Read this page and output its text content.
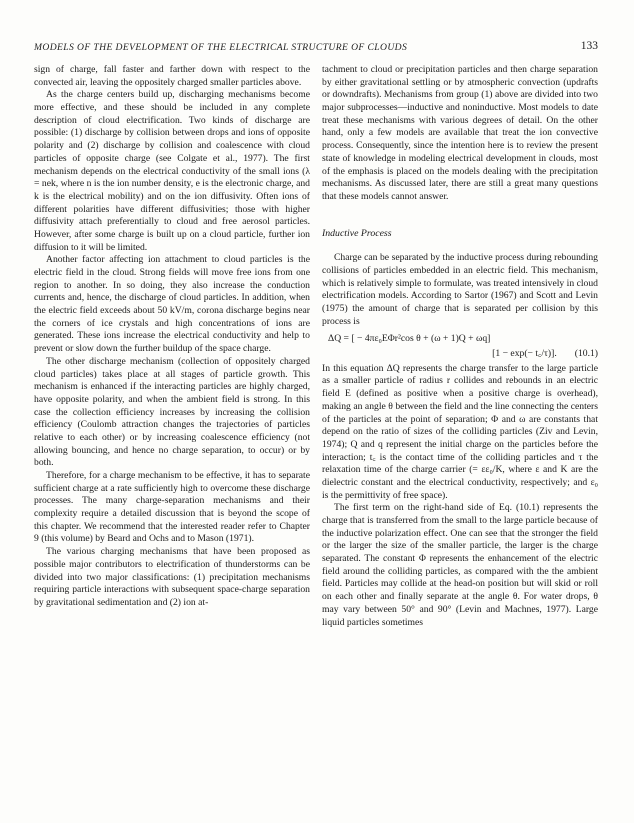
MODELS OF THE DEVELOPMENT OF THE ELECTRICAL STRUCTURE OF CLOUDS	133

sign of charge, fall faster and farther down with respect to the convected air, leaving the oppositely charged smaller particles above.

As the charge centers build up, discharging mechanisms become more effective, and these should be included in any complete description of cloud electrification. Two kinds of discharge are possible: (1) discharge by collision between drops and ions of opposite polarity and (2) discharge by collision and coalescence with cloud particles of opposite charge (see Colgate et al., 1977). The first mechanism depends on the electrical conductivity of the small ions (λ = nek, where n is the ion number density, e is the electronic charge, and k is the electrical mobility) and on the ion diffusivity. Often ions of different polarities have different diffusivities; those with higher diffusivity attach preferentially to cloud and free aerosol particles. However, after some charge is built up on a cloud particle, further ion diffusion to it will be limited.

Another factor affecting ion attachment to cloud particles is the electric field in the cloud. Strong fields will move free ions from one region to another. In so doing, they also increase the conduction currents and, hence, the discharge of cloud particles. In addition, when the electric field exceeds about 50 kV/m, corona discharge begins near the corners of ice crystals and high concentrations of ions are generated. These ions increase the electrical conductivity and help to prevent or slow down the further buildup of the space charge.

The other discharge mechanism (collection of oppositely charged cloud particles) takes place at all stages of particle growth. This mechanism is enhanced if the interacting particles are highly charged, have opposite polarity, and when the ambient field is strong. In this case the collection efficiency increases by increasing the collision efficiency (Coulomb attraction changes the trajectories of particles relative to each other) or by increasing coalescence efficiency (not allowing bouncing, and hence no charge separation, to occur) or by both.

Therefore, for a charge mechanism to be effective, it has to separate sufficient charge at a rate sufficiently high to overcome these discharge processes. The many charge-separation mechanisms and their complexity require a detailed discussion that is beyond the scope of this chapter. We recommend that the interested reader refer to Chapter 9 (this volume) by Beard and Ochs and to Mason (1971).

The various charging mechanisms that have been proposed as possible major contributors to electrification of thunderstorms can be divided into two major classifications: (1) precipitation mechanisms requiring particle interactions with subsequent space-charge separation by gravitational sedimentation and (2) ion at-

tachment to cloud or precipitation particles and then charge separation by either gravitational settling or by atmospheric convection (updrafts or downdrafts). Mechanisms from group (1) above are divided into two major subprocesses—inductive and noninductive. Most models to date treat these mechanisms with various degrees of detail. On the other hand, only a few models are available that treat the ion convective process. Consequently, since the intention here is to review the present state of knowledge in modeling electrical development in clouds, most of the emphasis is placed on the models dealing with the precipitation mechanisms. As discussed later, there are still a great many questions that these models cannot answer.

Inductive Process

Charge can be separated by the inductive process during rebounding collisions of particles embedded in an electric field. This mechanism, which is relatively simple to formulate, was treated intensively in cloud electrification models. According to Sartor (1967) and Scott and Levin (1975) the amount of charge that is separated per collision by this process is

ΔQ = [ − 4πε₀EΦr²cos θ + (ω + 1)Q + ωq]
[1 − exp(− t꜀/τ)]. (10.1)

In this equation ΔQ represents the charge transfer to the large particle as a smaller particle of radius r collides and rebounds in an electric field E (defined as positive when a positive charge is overhead), making an angle θ between the field and the line connecting the centers of the particles at the point of separation; Φ and ω are constants that depend on the ratio of sizes of the colliding particles (Ziv and Levin, 1974); Q and q represent the initial charge on the particles before the interaction; t꜀ is the contact time of the colliding particles and τ the relaxation time of the charge carrier (= εε₀/K, where ε and K are the dielectric constant and the electrical conductivity, respectively; and ε₀ is the permittivity of free space).

The first term on the right-hand side of Eq. (10.1) represents the charge that is transferred from the small to the large particle because of the inductive polarization effect. One can see that the stronger the field or the larger the size of the smaller particle, the larger is the charge separated. The constant Φ represents the enhancement of the electric field around the colliding particles, as compared with the the ambient field. Particles may collide at the head-on position but will skid or roll on each other and finally separate at the angle θ. For water drops, θ may vary between 50° and 90° (Levin and Machnes, 1977). Large liquid particles sometimes
